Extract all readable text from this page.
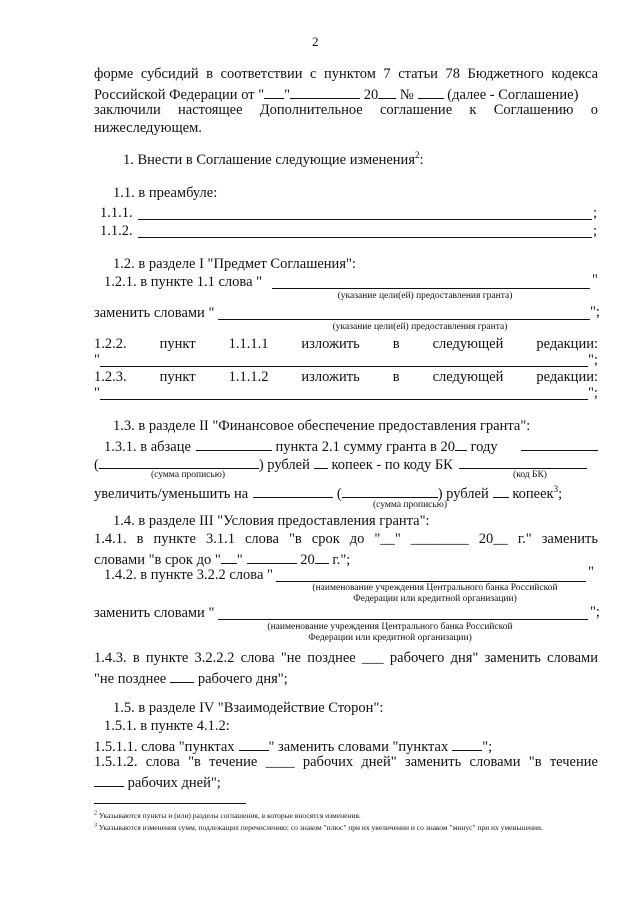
2
форме субсидий в соответствии с пунктом 7 статьи 78 Бюджетного кодекса
Российской Федерации от " "	20 № (далее - Соглашение)
заключили настоящее Дополнительное соглашение к Соглашению о
нижеследующем.
1. Внести в Соглашение следующие изменения$^2$:
1.1. в преамбуле:
1.1.1.	;
1.1.2.	;
1.2. в разделе I "Предмет Соглашения":
1.2.1. в пункте 1.1 слова "	"
(указание цели(ей) предоставления гранта)
заменить словами "	";
(указание цели(ей) предоставления гранта)
1.2.2. пункт 1.1.1.1 изложить в следующей редакции:
"	";
1.2.3. пункт 1.1.1.2 изложить в следующей редакции:
"	";
1.3. в разделе II "Финансовое обеспечение предоставления гранта":
1.3.1. в абзаце	пункта 2.1 сумму гранта в 20 году
(	) рублей копеек - по коду БК
(сумма прописью)	(код БК)
увеличить/уменьшить на	(	) рублей копеек$^3$;
(сумма прописью)
1.4. в разделе III "Условия предоставления гранта":
1.4.1. в пункте 3.1.1 слова "в срок до "__" ________ 20__ г." заменить
словами "в срок до " "	20 г.";
1.4.2. в пункте 3.2.2 слова "	"
(наименование учреждения Центрального банка Российской
Федерации или кредитной организации)
заменить словами "	";
(наименование учреждения Центрального банка Российской
Федерации или кредитной организации)
1.4.3. в пункте 3.2.2.2 слова "не позднее ___ рабочего дня" заменить словами
"не позднее рабочего дня";
1.5. в разделе IV "Взаимодействие Сторон":
1.5.1. в пункте 4.1.2:
1.5.1.1. слова "пунктах " заменить словами "пунктах ";
1.5.1.2. слова "в течение ____ рабочих дней" заменить словами "в течение
рабочих дней";
$^2$ Указываются пункты и (или) разделы соглашения, в которые вносятся изменения.
$^3$ Указываются изменения сумм, подлежащих перечислению: со знаком "плюс" при их увеличении и со знаком "минус" при их уменьшении.
